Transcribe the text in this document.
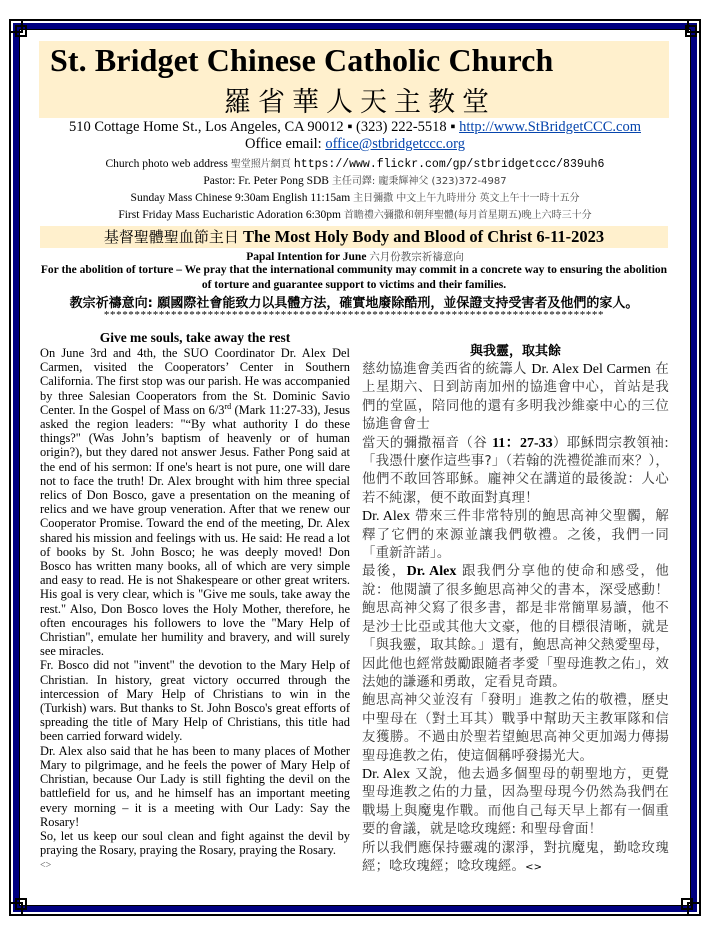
St. Bridget Chinese Catholic Church
羅省華人天主教堂
510 Cottage Home St., Los Angeles, CA 90012 ▪ (323) 222-5518 ▪ http://www.StBridgetCCC.com
Office email: office@stbridgetccc.org
Church photo web address 聖堂照片網頁 https://www.flickr.com/gp/stbridgetccc/839uh6
Pastor: Fr. Peter Pong SDB 主任司鐸: 龐秉輝神父 (323)372-4987
Sunday Mass Chinese 9:30am English 11:15am 主日彌撒 中文上午九時卅分 英文上午十一時十五分
First Friday Mass Eucharistic Adoration 6:30pm 首瞻禮六彌撒和朝拜聖體(每月首星期五)晚上六時三十分
基督聖體聖血節主日 The Most Holy Body and Blood of Christ 6-11-2023
Papal Intention for June 六月份教宗祈禱意向
For the abolition of torture – We pray that the international community may commit in a concrete way to ensuring the abolition of torture and guarantee support to victims and their families.
教宗祈禱意向: 願國際社會能致力以具體方法，確實地廢除酷刑，並保證支持受害者及他們的家人。
**********************************************************************************
Give me souls, take away the rest

On June 3rd and 4th, the SUO Coordinator Dr. Alex Del Carmen, visited the Cooperators’ Center in Southern California. The first stop was our parish. He was accompanied by three Salesian Cooperators from the St. Dominic Savio Center. In the Gospel of Mass on 6/3rd (Mark 11:27-33), Jesus asked the region leaders: "“By what authority I do these things?" (Was John’s baptism of heavenly or of human origin?), but they dared not answer Jesus. Father Pong said at the end of his sermon: If one's heart is not pure, one will dare not to face the truth! Dr. Alex brought with him three special relics of Don Bosco, gave a presentation on the meaning of relics and we have group veneration. After that we renew our Cooperator Promise. Toward the end of the meeting, Dr. Alex shared his mission and feelings with us. He said: He read a lot of books by St. John Bosco; he was deeply moved! Don Bosco has written many books, all of which are very simple and easy to read. He is not Shakespeare or other great writers. His goal is very clear, which is "Give me souls, take away the rest." Also, Don Bosco loves the Holy Mother, therefore, he often encourages his followers to love the "Mary Help of Christian", emulate her humility and bravery, and will surely see miracles.

Fr. Bosco did not "invent" the devotion to the Mary Help of Christian. In history, great victory occurred through the intercession of Mary Help of Christians to win in the (Turkish) wars. But thanks to St. John Bosco's great efforts of spreading the title of Mary Help of Christians, this title had been carried forward widely.

Dr. Alex also said that he has been to many places of Mother Mary to pilgrimage, and he feels the power of Mary Help of Christian, because Our Lady is still fighting the devil on the battlefield for us, and he himself has an important meeting every morning – it is a meeting with Our Lady: Say the Rosary!

So, let us keep our soul clean and fight against the devil by praying the Rosary, praying the Rosary, praying the Rosary.

<>

與我靈，取其餘

慈幼協進會美西省的統籌人 Dr. Alex Del Carmen 在上星期六、日到訪南加州的協進會中心，首站是我們的堂區，陪同他的還有多明我沙維豪中心的三位協進會會士

當天的彌撒福音（谷 11：27-33）耶穌問宗教領袖:「我憑什麼作這些事?」（若翰的洗禮從誰而來？），他們不敢回答耶穌。龐神父在講道的最後說：人心若不純潔，便不敢面對真理！

Dr. Alex 帶來三件非常特別的鮑思高神父聖髑，解釋了它們的來源並讓我們敬禮。之後，我們一同「重新許諾」。

最後，Dr. Alex 跟我們分享他的使命和感受，他說：他閱讀了很多鮑思高神父的書本，深受感動！鮑思高神父寫了很多書，都是非常簡單易讀，他不是沙士比亞或其他大文豪，他的目標很清晰，就是「與我靈，取其餘。」還有，鮑思高神父熱愛聖母，因此他也經常鼓勵跟隨者孝愛「聖母進教之佑」，效法她的謙遜和勇敢，定看見奇蹟。

鮑思高神父並沒有「發明」進教之佑的敬禮，歷史中聖母在（對土耳其）戰爭中幫助天主教軍隊和信友獲勝。不過由於聖若望鮑思高神父更加竭力傳揚聖母進教之佑，使這個稱呼發揚光大。

Dr. Alex 又說，他去過多個聖母的朝聖地方，更覺聖母進教之佑的力量，因為聖母現今仍然為我們在戰場上與魔鬼作戰。而他自己每天早上都有一個重要的會議，就是唸玫瑰經: 和聖母會面！

所以我們應保持靈魂的潔淨，對抗魔鬼，勤唸玫瑰經；唸玫瑰經；唸玫瑰經。<>
